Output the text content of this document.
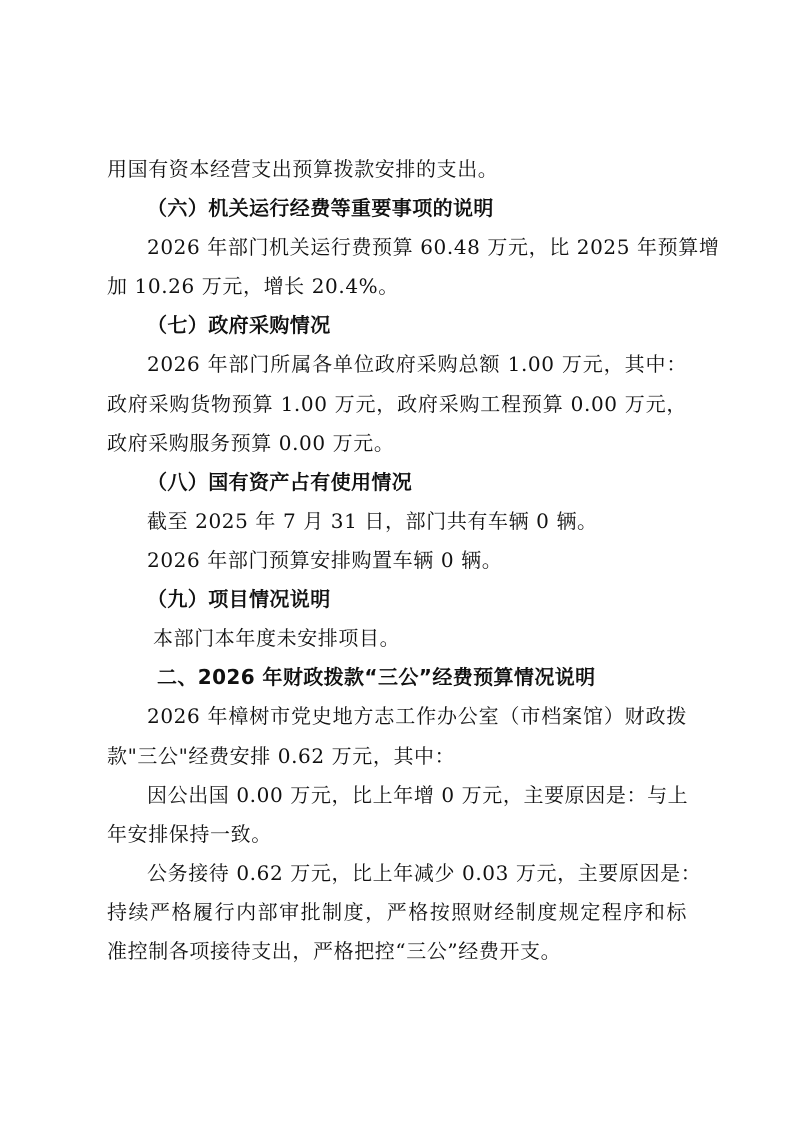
用国有资本经营支出预算拨款安排的支出。
（六）机关运行经费等重要事项的说明
2026 年部门机关运行费预算 60.48 万元，比 2025 年预算增
加 10.26 万元，增长 20.4%。
（七）政府采购情况
2026 年部门所属各单位政府采购总额 1.00 万元，其中：
政府采购货物预算 1.00 万元，政府采购工程预算 0.00 万元，
政府采购服务预算 0.00 万元。
（八）国有资产占有使用情况
截至 2025 年 7 月 31 日，部门共有车辆 0 辆。
2026 年部门预算安排购置车辆 0 辆。
（九）项目情况说明
本部门本年度未安排项目。
二、2026 年财政拨款“三公”经费预算情况说明
2026 年樟树市党史地方志工作办公室（市档案馆）财政拨
款"三公"经费安排 0.62 万元，其中：
因公出国 0.00 万元，比上年增 0 万元，主要原因是：与上
年安排保持一致。
公务接待 0.62 万元，比上年减少 0.03 万元，主要原因是：
持续严格履行内部审批制度，严格按照财经制度规定程序和标
准控制各项接待支出，严格把控“三公”经费开支。
